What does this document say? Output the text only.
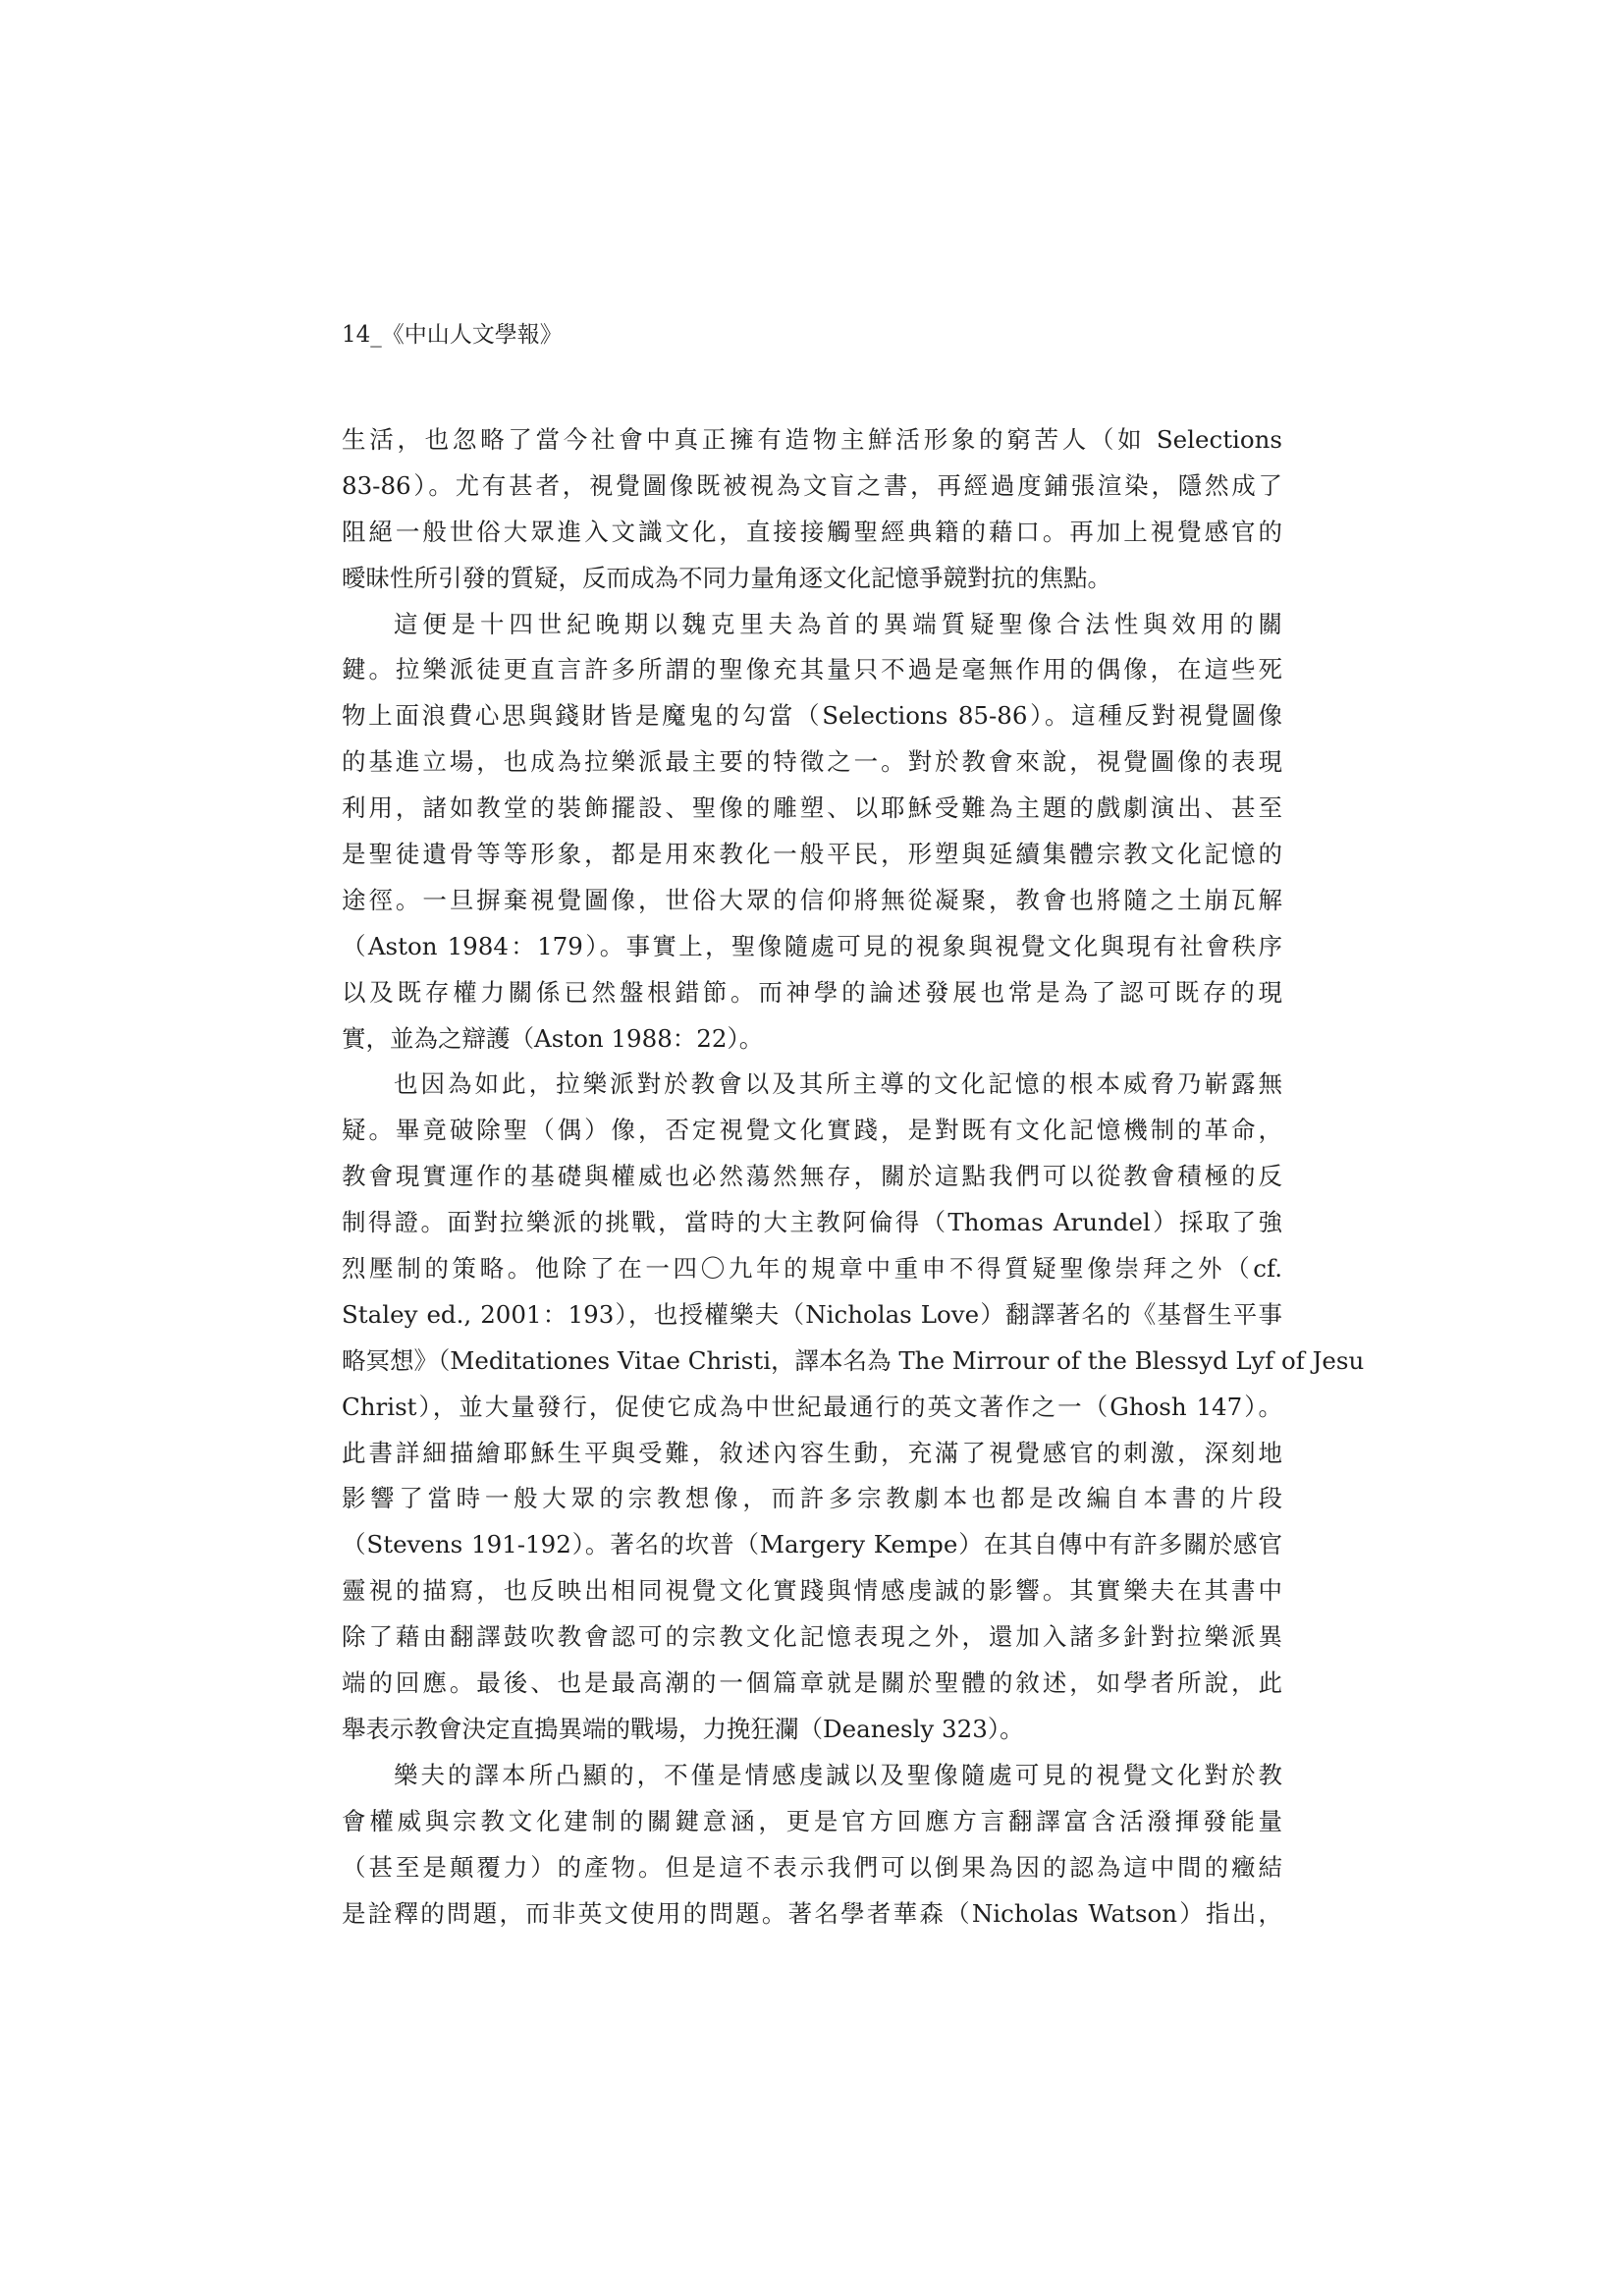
14_《中山人文學報》
生活，也忽略了當今社會中真正擁有造物主鮮活形象的窮苦人（如 Selections
83-86）。尤有甚者，視覺圖像既被視為文盲之書，再經過度鋪張渲染，隱然成了
阻絕一般世俗大眾進入文識文化，直接接觸聖經典籍的藉口。再加上視覺感官的
曖昧性所引發的質疑，反而成為不同力量角逐文化記憶爭競對抗的焦點。
這便是十四世紀晚期以魏克里夫為首的異端質疑聖像合法性與效用的關
鍵。拉樂派徒更直言許多所謂的聖像充其量只不過是毫無作用的偶像，在這些死
物上面浪費心思與錢財皆是魔鬼的勾當（Selections 85-86）。這種反對視覺圖像
的基進立場，也成為拉樂派最主要的特徵之一。對於教會來說，視覺圖像的表現
利用，諸如教堂的裝飾擺設、聖像的雕塑、以耶穌受難為主題的戲劇演出、甚至
是聖徒遺骨等等形象，都是用來教化一般平民，形塑與延續集體宗教文化記憶的
途徑。一旦摒棄視覺圖像，世俗大眾的信仰將無從凝聚，教會也將隨之土崩瓦解
（Aston 1984：179）。事實上，聖像隨處可見的視象與視覺文化與現有社會秩序
以及既存權力關係已然盤根錯節。而神學的論述發展也常是為了認可既存的現
實，並為之辯護（Aston 1988：22）。
也因為如此，拉樂派對於教會以及其所主導的文化記憶的根本威脅乃嶄露無
疑。畢竟破除聖（偶）像，否定視覺文化實踐，是對既有文化記憶機制的革命，
教會現實運作的基礎與權威也必然蕩然無存，關於這點我們可以從教會積極的反
制得證。面對拉樂派的挑戰，當時的大主教阿倫得（Thomas Arundel）採取了強
烈壓制的策略。他除了在一四〇九年的規章中重申不得質疑聖像崇拜之外（cf.
Staley ed., 2001：193），也授權樂夫（Nicholas Love）翻譯著名的《基督生平事
略冥想》（Meditationes Vitae Christi，譯本名為 The Mirrour of the Blessyd Lyf of Jesu
Christ），並大量發行，促使它成為中世紀最通行的英文著作之一（Ghosh 147）。
此書詳細描繪耶穌生平與受難，敘述內容生動，充滿了視覺感官的刺激，深刻地
影響了當時一般大眾的宗教想像，而許多宗教劇本也都是改編自本書的片段
（Stevens 191-192）。著名的坎普（Margery Kempe）在其自傳中有許多關於感官
靈視的描寫，也反映出相同視覺文化實踐與情感虔誠的影響。其實樂夫在其書中
除了藉由翻譯鼓吹教會認可的宗教文化記憶表現之外，還加入諸多針對拉樂派異
端的回應。最後、也是最高潮的一個篇章就是關於聖體的敘述，如學者所說，此
舉表示教會決定直搗異端的戰場，力挽狂瀾（Deanesly 323）。
樂夫的譯本所凸顯的，不僅是情感虔誠以及聖像隨處可見的視覺文化對於教
會權威與宗教文化建制的關鍵意涵，更是官方回應方言翻譯富含活潑揮發能量
（甚至是顛覆力）的產物。但是這不表示我們可以倒果為因的認為這中間的癥結
是詮釋的問題，而非英文使用的問題。著名學者華森（Nicholas Watson）指出，
